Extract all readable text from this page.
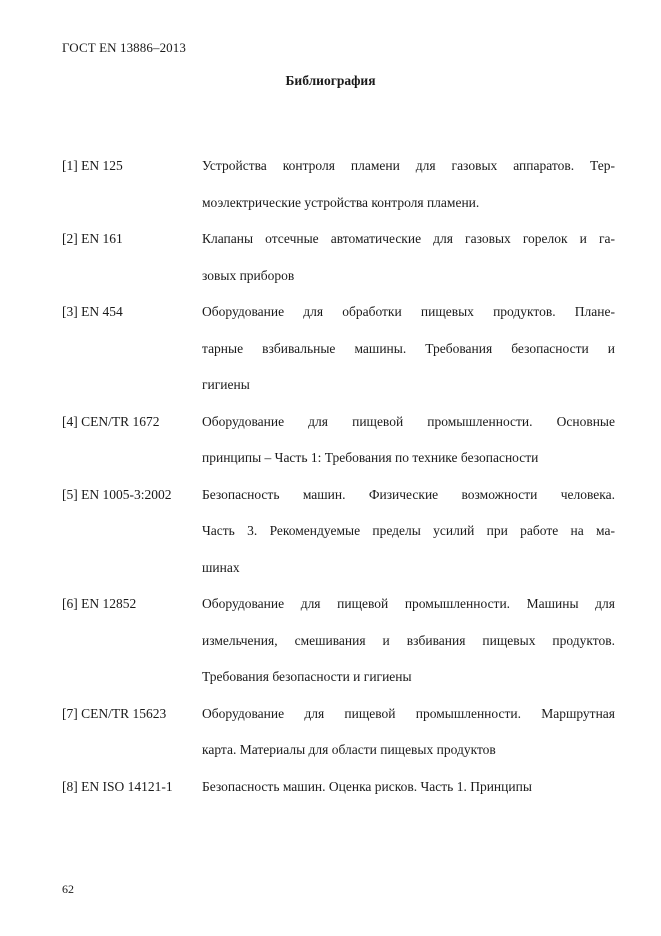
ГОСТ EN 13886–2013
Библиография
[1] EN 125	Устройства контроля пламени для газовых аппаратов. Тер-
моэлектрические устройства контроля пламени.
[2] EN 161	Клапаны отсечные автоматические для газовых горелок и га-
зовых приборов
[3] EN 454	Оборудование для обработки пищевых продуктов. Плане-
тарные взбивальные машины. Требования безопасности и
гигиены
[4] CEN/TR 1672	Оборудование для пищевой промышленности. Основные
принципы – Часть 1: Требования по технике безопасности
[5] EN 1005-3:2002	Безопасность машин. Физические возможности человека.
Часть 3. Рекомендуемые пределы усилий при работе на ма-
шинах
[6] EN 12852	Оборудование для пищевой промышленности. Машины для
измельчения, смешивания и взбивания пищевых продуктов.
Требования безопасности и гигиены
[7] CEN/TR 15623	Оборудование для пищевой промышленности. Маршрутная
карта. Материалы для области пищевых продуктов
[8] EN ISO 14121-1	Безопасность машин. Оценка рисков. Часть 1. Принципы
62
